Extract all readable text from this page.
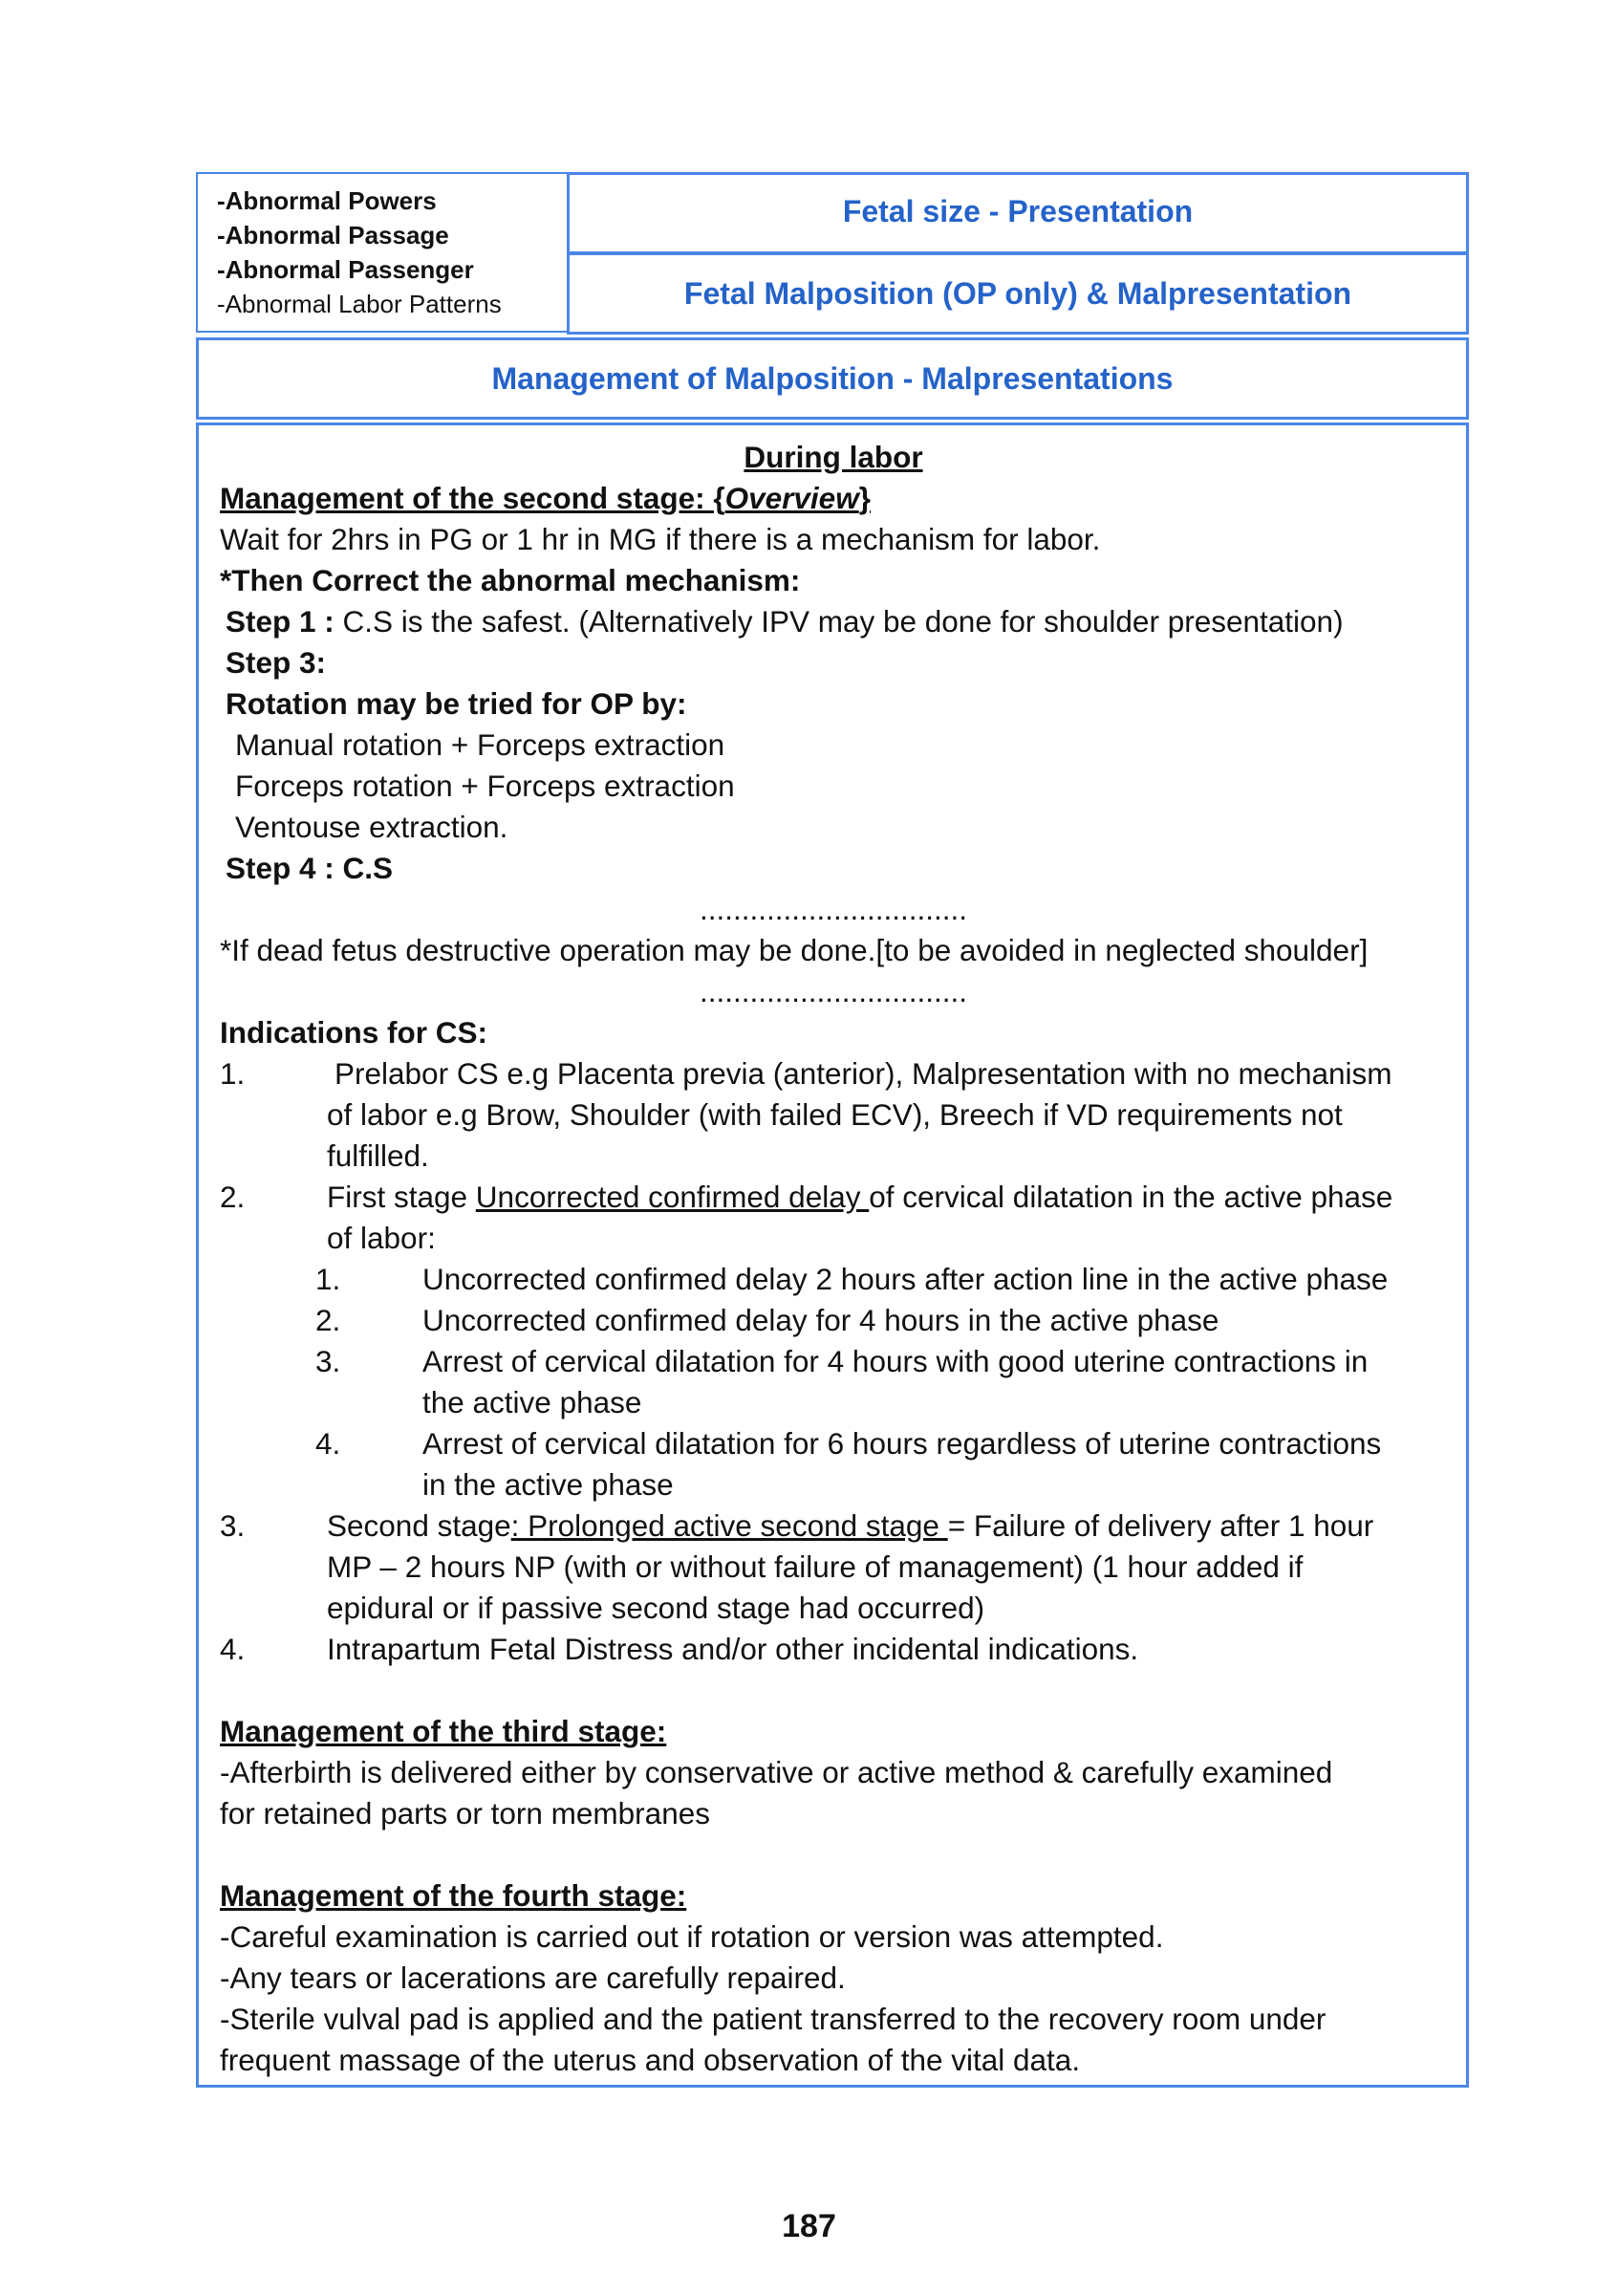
-Abnormal Powers
-Abnormal Passage
-Abnormal Passenger
-Abnormal Labor Patterns
Fetal size - Presentation
Fetal Malposition (OP only) & Malpresentation
Management of Malposition - Malpresentations
During labor
Management of the second stage: {Overview}
Wait for 2hrs in PG or 1 hr in MG if there is a mechanism for labor.
*Then Correct the abnormal mechanism:
Step 1 : C.S is the safest. (Alternatively IPV may be done for shoulder presentation)
Step 3:
Rotation may be tried for OP by:
Manual rotation + Forceps extraction
Forceps rotation + Forceps extraction
Ventouse extraction.
Step 4 : C.S
................................
*If dead fetus destructive operation may be done.[to be avoided in neglected shoulder]
................................
Indications for CS:
1.	Prelabor CS e.g Placenta previa (anterior), Malpresentation with no mechanism
of labor e.g Brow, Shoulder (with failed ECV), Breech if VD requirements not
fulfilled.
2.	First stage Uncorrected confirmed delay of cervical dilatation in the active phase
of labor:
1.	Uncorrected confirmed delay 2 hours after action line in the active phase
2.	Uncorrected confirmed delay for 4 hours in the active phase
3.	Arrest of cervical dilatation for 4 hours with good uterine contractions in
the active phase
4.	Arrest of cervical dilatation for 6 hours regardless of uterine contractions
in the active phase
3.	Second stage: Prolonged active second stage = Failure of delivery after 1 hour
MP – 2 hours NP (with or without failure of management) (1 hour added if
epidural or if passive second stage had occurred)
4.	Intrapartum Fetal Distress and/or other incidental indications.
Management of the third stage:
-Afterbirth is delivered either by conservative or active method & carefully examined
for retained parts or torn membranes
Management of the fourth stage:
-Careful examination is carried out if rotation or version was attempted.
-Any tears or lacerations are carefully repaired.
-Sterile vulval pad is applied and the patient transferred to the recovery room under
frequent massage of the uterus and observation of the vital data.
187
